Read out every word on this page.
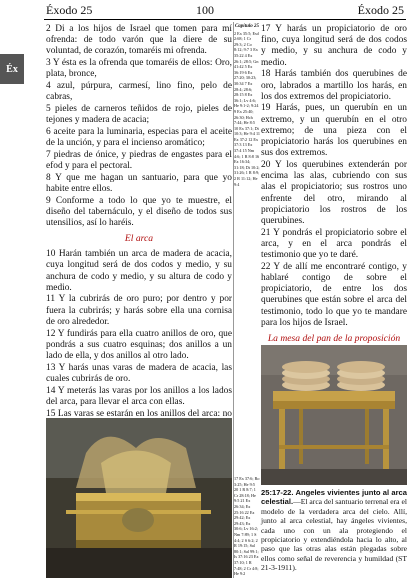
Éxodo 25	100	Éxodo 25
Éx

2 Di a los hijos de Israel que tomen para mí ofrenda: de todo varón que la diere de su voluntad, de corazón, tomaréis mi ofrenda.

3 Y ésta es la ofrenda que tomaréis de ellos: Oro, plata, bronce,

4 azul, púrpura, carmesí, lino fino, pelo de cabras,

5 pieles de carneros teñidos de rojo, pieles de tejones y madera de acacia;

6 aceite para la luminaria, especias para el aceite de la unción, y para el incienso aromático;

7 piedras de ónice, y piedras de engastes para el efod y para el pectoral.

8 Y que me hagan un santuario, para que yo habite entre ellos.

9 Conforme a todo lo que yo te muestre, el diseño del tabernáculo, y el diseño de todos sus utensilios, así lo haréis.

El arca

10 Harán también un arca de madera de acacia, cuya longitud será de dos codos y medio, y su anchura de codo y medio, y su altura de codo y medio.

11 Y la cubrirás de oro puro; por dentro y por fuera la cubrirás; y harás sobre ella una cornisa de oro alrededor.

12 Y fundirás para ella cuatro anillos de oro, que pondrás a sus cuatro esquinas; dos anillos a un lado de ella, y dos anillos al otro lado.

13 Y harás unas varas de madera de acacia, las cuales cubrirás de oro.

14 Y meterás las varas por los anillos a los lados del arca, para llevar el arca con ellas.

15 Las varas se estarán en los anillos del arca: no

Capítulo 25
2 Ex 35:5; Esd 2:68; 1 Cr 29:3; 2 Co 8:12; 9:7 3 Ex 35:22 4 Ex 26:1; 28:5; Gn 41:42 5 Ex 36:19 6 Ex 27:20; 30:23; 30:34 7 Ex 28:4; 28:6; 28:15 8 Ex 36:1; Lv 4:6; He 9:1-2; 9:24 9 Ex 25:40; 26:30; Hch 7:44; He 8:5 10 Ex 37:1; Dt 10:3; He 9:4 11 Ex 37:2 12 Ex 37:3 13 Ex 37:4 15 Nm 4:6; 1 R 8:8 16 Ex 16:34; 31:18; Dt 10:2; 31:26; 1 R 8:9; 2 R 11:12; He 9:4
17 Ex 37:6; Ro 3:25; He 9:5 20 1 R 8:7; 1 Cr 28:18; He 9:5 21 Ex 26:34; Ex 25:16 22 Ex 29:42; Ex 29:43; Ex 30:6; Lv 16:2; Nm 7:89; 1 S 4:4; 2 S 6:2; 2 R 19:15; Sal 80:1; Sal 99:1; Is 37:16 23 Ex 37:10; 1 R 7:48; 2 Cr 4:8; He 9:2

17 Y harás un propiciatorio de oro fino, cuya longitud será de dos codos y medio, y su anchura de codo y medio.

18 Harás también dos querubines de oro, labrados a martillo los harás, en los dos extremos del propiciatorio.

19 Harás, pues, un querubín en un extremo, y un querubín en el otro extremo; de una pieza con el propiciatorio harás los querubines en sus dos extremos.

20 Y los querubines extenderán por encima las alas, cubriendo con sus alas el propiciatorio; sus rostros uno enfrente del otro, mirando al propiciatorio los rostros de los querubines.

21 Y pondrás el propiciatorio sobre el arca, y en el arca pondrás el testimonio que yo te daré.

22 Y de allí me encontraré contigo, y hablaré contigo de sobre el propiciatorio, de entre los dos querubines que están sobre el arca del testimonio, todo lo que yo te mandare para los hijos de Israel.

La mesa del pan de la proposición

25:17-22. Angeles vivientes junto al arca celestial.—El arca del santuario terrenal era el modelo de la verdadera arca del cielo. Allí, junto al arca celestial, hay ángeles vivientes, cada uno con un ala protegiendo el propiciatorio y extendiéndola hacia lo alto, al paso que las otras alas están plegadas sobre ellos como señal de reverencia y humildad (ST 21-3-1911).
